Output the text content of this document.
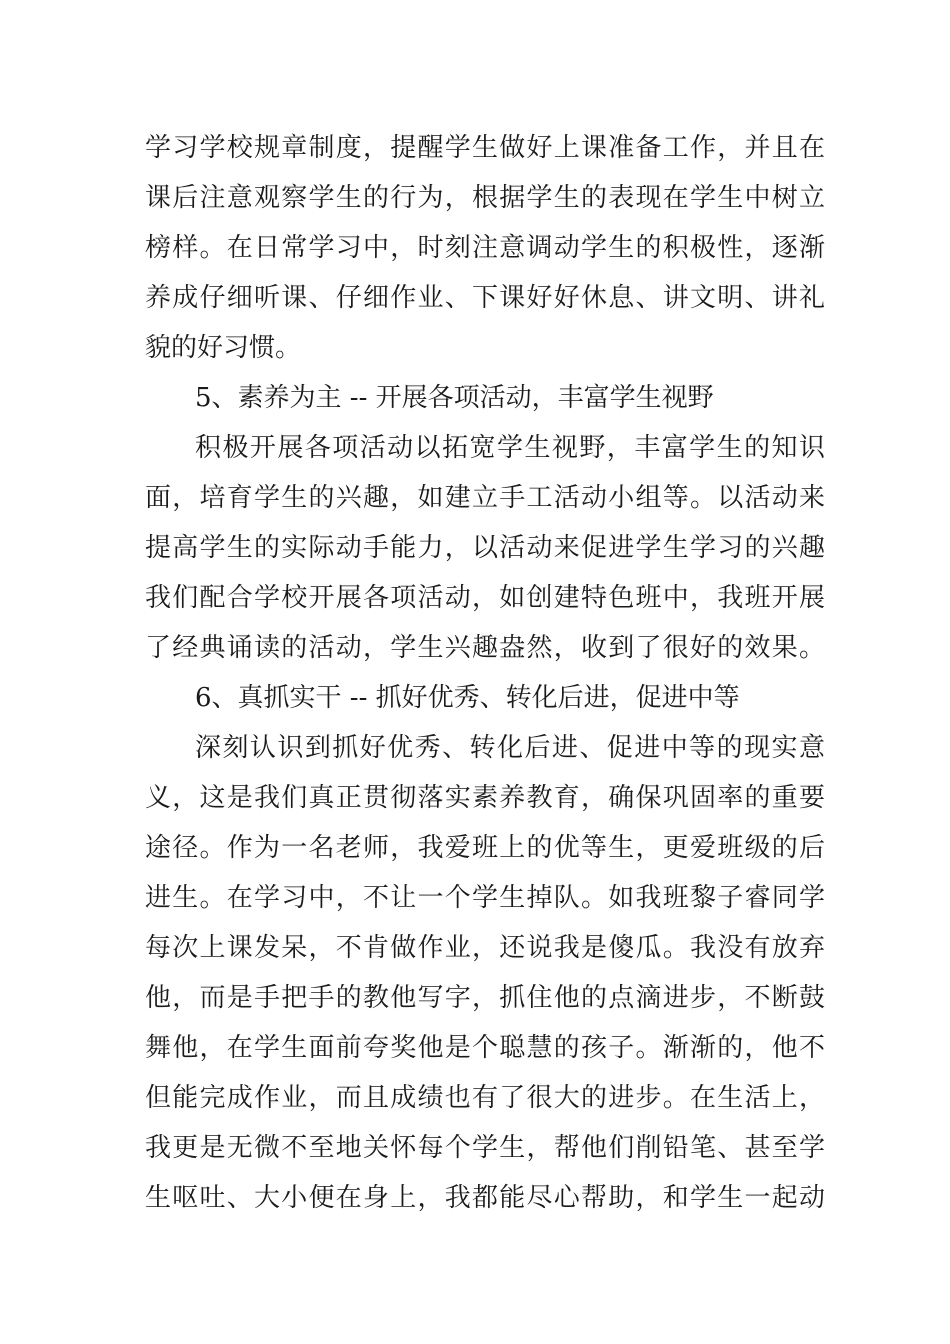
学习学校规章制度，提醒学生做好上课准备工作，并且在
课后注意观察学生的行为，根据学生的表现在学生中树立
榜样。在日常学习中，时刻注意调动学生的积极性，逐渐
养成仔细听课、仔细作业、下课好好休息、讲文明、讲礼
貌的好习惯。
5、素养为主 -- 开展各项活动，丰富学生视野
积极开展各项活动以拓宽学生视野，丰富学生的知识
面，培育学生的兴趣，如建立手工活动小组等。以活动来
提高学生的实际动手能力，以活动来促进学生学习的兴趣
我们配合学校开展各项活动，如创建特色班中，我班开展
了经典诵读的活动，学生兴趣盎然，收到了很好的效果。
6、真抓实干 -- 抓好优秀、转化后进，促进中等
深刻认识到抓好优秀、转化后进、促进中等的现实意
义，这是我们真正贯彻落实素养教育，确保巩固率的重要
途径。作为一名老师，我爱班上的优等生，更爱班级的后
进生。在学习中，不让一个学生掉队。如我班黎子睿同学
每次上课发呆，不肯做作业，还说我是傻瓜。我没有放弃
他，而是手把手的教他写字，抓住他的点滴进步，不断鼓
舞他，在学生面前夸奖他是个聪慧的孩子。渐渐的，他不
但能完成作业，而且成绩也有了很大的进步。在生活上，
我更是无微不至地关怀每个学生，帮他们削铅笔、甚至学
生呕吐、大小便在身上，我都能尽心帮助，和学生一起动
